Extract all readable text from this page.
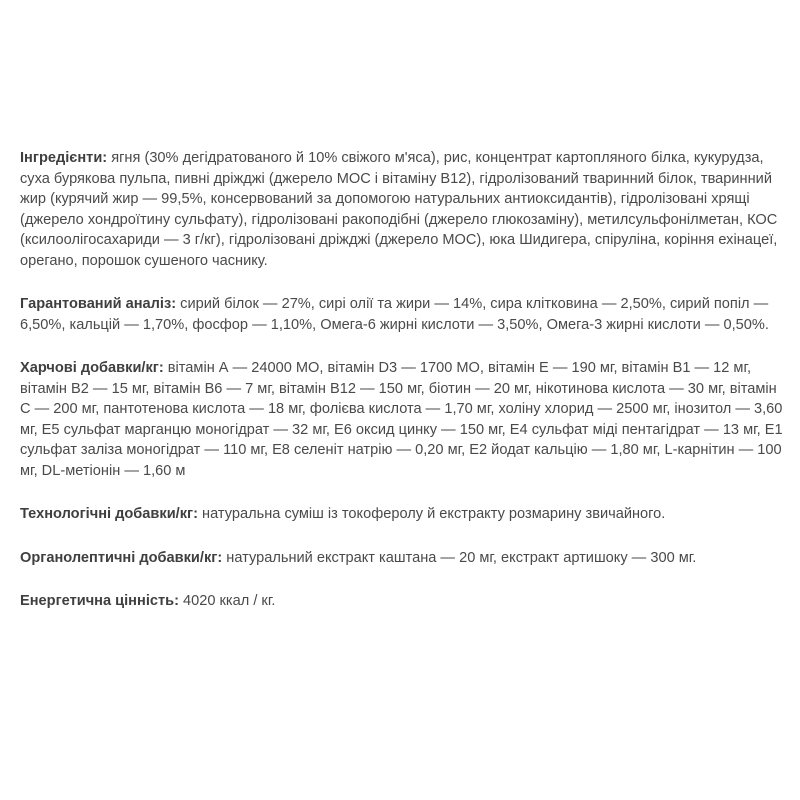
Інгредієнти: ягня (30% дегідратованого й 10% свіжого м'яса), рис, концентрат картопляного білка, кукурудза, суха бурякова пульпа, пивні дріжджі (джерело МОС і вітаміну В12), гідролізований тваринний білок, тваринний жир (курячий жир — 99,5%, консервований за допомогою натуральних антиоксидантів), гідролізовані хрящі (джерело хондроїтину сульфату), гідролізовані ракоподібні (джерело глюкозаміну), метилсульфонілметан, КОС (ксилоолігосахариди — 3 г/кг), гідролізовані дріжджі (джерело МОС), юка Шидигера, спіруліна, коріння ехінацеї, орегано, порошок сушеного часнику.

Гарантований аналіз: сирий білок — 27%, сирі олії та жири — 14%, сира клітковина — 2,50%, сирий попіл — 6,50%, кальцій — 1,70%, фосфор — 1,10%, Омега-6 жирні кислоти — 3,50%, Омега-3 жирні кислоти — 0,50%.

Харчові добавки/кг: вітамін А — 24000 МО, вітамін D3 — 1700 МО, вітамін Е — 190 мг, вітамін В1 — 12 мг, вітамін В2 — 15 мг, вітамін В6 — 7 мг, вітамін В12 — 150 мг, біотин — 20 мг, нікотинова кислота — 30 мг, вітамін С — 200 мг, пантотенова кислота — 18 мг, фолієва кислота — 1,70 мг, холіну хлорид — 2500 мг, інозитол — 3,60 мг, Е5 сульфат марганцю моногідрат — 32 мг, Е6 оксид цинку — 150 мг, Е4 сульфат міді пентагідрат — 13 мг, Е1 сульфат заліза моногідрат — 110 мг, Е8 селеніт натрію — 0,20 мг, Е2 йодат кальцію — 1,80 мг, L-карнітин — 100 мг, DL-метіонін — 1,60 м

Технологічні добавки/кг: натуральна суміш із токоферолу й екстракту розмарину звичайного.

Органолептичні добавки/кг: натуральний екстракт каштана — 20 мг, екстракт артишоку — 300 мг.

Енергетична цінність: 4020 ккал / кг.
